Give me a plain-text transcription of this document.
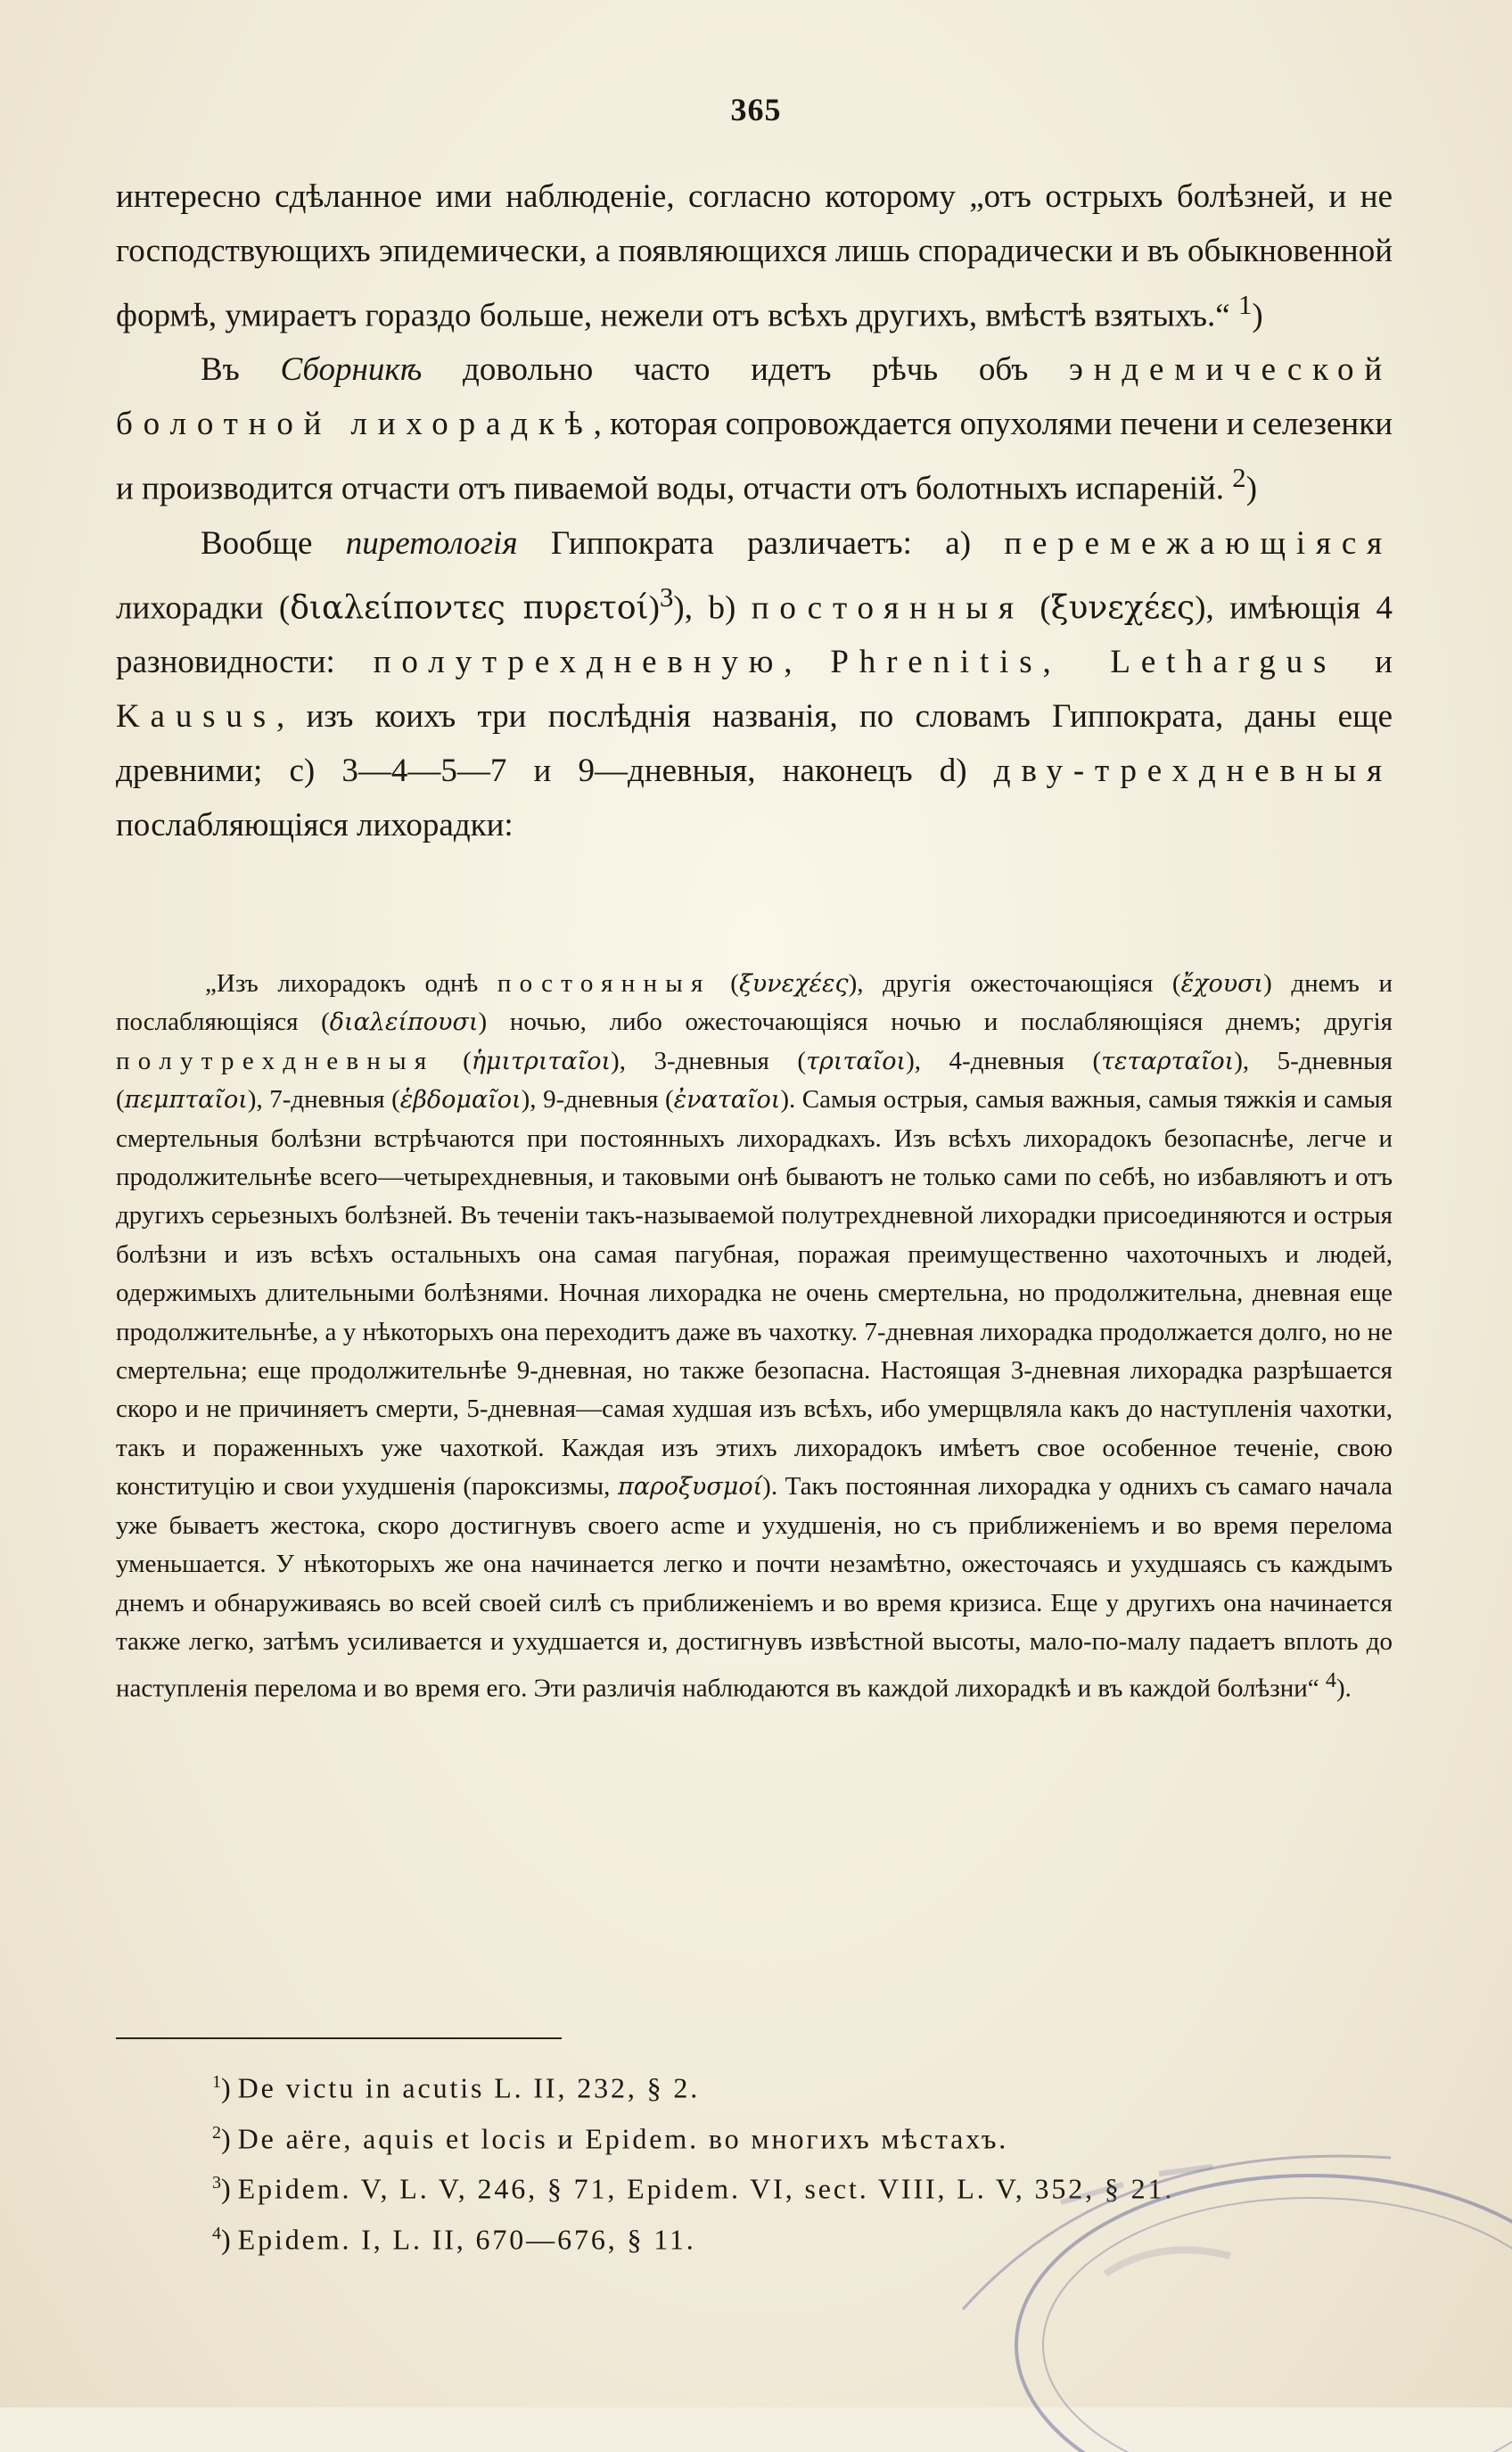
365

интересно сдѣланное ими наблюденіе, согласно которому „отъ острыхъ болѣзней, и не господствующихъ эпидемически, а появляющихся лишь спорадически и въ обыкновенной формѣ, умираетъ гораздо больше, нежели отъ всѣхъ другихъ, вмѣстѣ взятыхъ.“ $^1$)

Въ Сборникѣ довольно часто идетъ рѣчь объ эндемической болотной лихорадкѣ, которая сопровождается опухолями печени и селезенки и производится отчасти отъ пиваемой воды, отчасти отъ болотныхъ испареній. $^2$)

Вообще пиретологія Гиппократа различаетъ: a) перемежающіяся лихорадки (διαλείποντες πυρετοί)$^3$), b) постоянныя (ξυνεχέες), имѣющія 4 разновидности: полутрехдневную, Phrenitis, Lethargus и Kausus, изъ коихъ три послѣднія названія, по словамъ Гиппократа, даны еще древними; c) 3—4—5—7 и 9—дневныя, наконецъ d) дву-трехдневныя послабляющіяся лихорадки:

„Изъ лихорадокъ однѣ постоянныя (ξυνεχέες), другія ожесточающіяся (ἔχουσι) днемъ и послабляющіяся (διαλείπουσι) ночью, либо ожесточающіяся ночью и послабляющіяся днемъ; другія полутрехдневныя (ἡμιτριταῖοι), 3-дневныя (τριταῖοι), 4-дневныя (τεταρταῖοι), 5-дневныя (πεμπταῖοι), 7-дневныя (ἑβδομαῖοι), 9-дневныя (ἐναταῖοι). Самыя острыя, самыя важныя, самыя тяжкія и самыя смертельныя болѣзни встрѣчаются при постоянныхъ лихорадкахъ. Изъ всѣхъ лихорадокъ безопаснѣе, легче и продолжительнѣе всего—четырехдневныя, и таковыми онѣ бываютъ не только сами по себѣ, но избавляютъ и отъ другихъ серьезныхъ болѣзней. Въ теченіи такъ-называемой полутрехдневной лихорадки присоединяются и острыя болѣзни и изъ всѣхъ остальныхъ она самая пагубная, поражая преимущественно чахоточныхъ и людей, одержимыхъ длительными болѣзнями. Ночная лихорадка не очень смертельна, но продолжительна, дневная еще продолжительнѣе, а у нѣкоторыхъ она переходитъ даже въ чахотку. 7-дневная лихорадка продолжается долго, но не смертельна; еще продолжительнѣе 9-дневная, но также безопасна. Настоящая 3-дневная лихорадка разрѣшается скоро и не причиняетъ смерти, 5-дневная—самая худшая изъ всѣхъ, ибо умерщвляла какъ до наступленія чахотки, такъ и пораженныхъ уже чахоткой. Каждая изъ этихъ лихорадокъ имѣетъ свое особенное теченіе, свою конституцію и свои ухудшенія (пароксизмы, παροξυσμοί). Такъ постоянная лихорадка у однихъ съ самаго начала уже бываетъ жестока, скоро достигнувъ своего acme и ухудшенія, но съ приближеніемъ и во время перелома уменьшается. У нѣкоторыхъ же она начинается легко и почти незамѣтно, ожесточаясь и ухудшаясь съ каждымъ днемъ и обнаруживаясь во всей своей силѣ съ приближеніемъ и во время кризиса. Еще у другихъ она начинается также легко, затѣмъ усиливается и ухудшается и, достигнувъ извѣстной высоты, мало-по-малу падаетъ вплоть до наступленія перелома и во время его. Эти различія наблюдаются въ каждой лихорадкѣ и въ каждой болѣзни“ $^4$).

$^1$) De victu in acutis L. II, 232, § 2.
$^2$) De aëre, aquis et locis и Epidem. во многихъ мѣстахъ.
$^3$) Epidem. V, L. V, 246, § 71, Epidem. VI, sect. VIII, L. V, 352, § 21.
$^4$) Epidem. I, L. II, 670—676, § 11.
